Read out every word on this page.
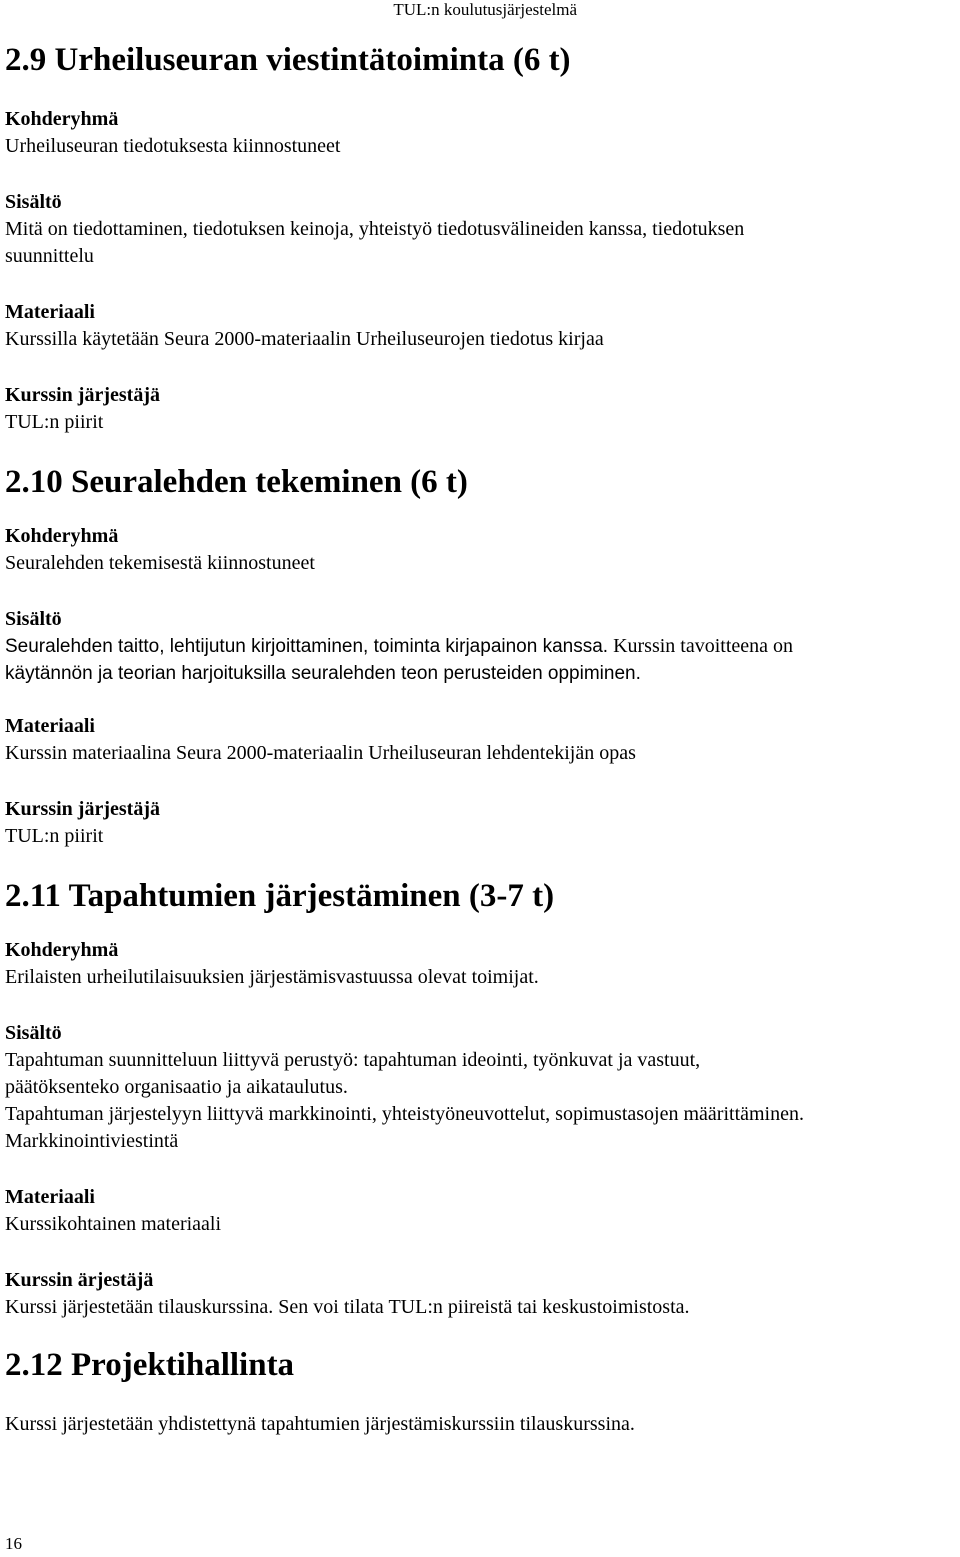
TUL:n koulutusjärjestelmä
2.9 Urheiluseuran viestintätoiminta (6 t)

Kohderyhmä

Urheiluseuran tiedotuksesta kiinnostuneet

Sisältö

Mitä on tiedottaminen, tiedotuksen keinoja, yhteistyö tiedotusvälineiden kanssa, tiedotuksen

suunnittelu

Materiaali

Kurssilla käytetään Seura 2000-materiaalin Urheiluseurojen tiedotus kirjaa

Kurssin järjestäjä

TUL:n piirit

2.10 Seuralehden tekeminen (6 t)

Kohderyhmä

Seuralehden tekemisestä kiinnostuneet

Sisältö

Seuralehden taitto, lehtijutun kirjoittaminen, toiminta kirjapainon kanssa. Kurssin tavoitteena on

käytännön ja teorian harjoituksilla seuralehden teon perusteiden oppiminen.

Materiaali

Kurssin materiaalina Seura 2000-materiaalin Urheiluseuran lehdentekijän opas

Kurssin järjestäjä

TUL:n piirit

2.11 Tapahtumien järjestäminen (3-7 t)

Kohderyhmä

Erilaisten urheilutilaisuuksien järjestämisvastuussa olevat toimijat.

Sisältö

Tapahtuman suunnitteluun liittyvä perustyö: tapahtuman ideointi, työnkuvat ja vastuut,

päätöksenteko organisaatio ja aikataulutus.

Tapahtuman järjestelyyn liittyvä markkinointi, yhteistyöneuvottelut, sopimustasojen määrittäminen.

Markkinointiviestintä

Materiaali

Kurssikohtainen materiaali

Kurssin ärjestäjä

Kurssi järjestetään tilauskurssina. Sen voi tilata TUL:n piireistä tai keskustoimistosta.

2.12 Projektihallinta

Kurssi järjestetään yhdistettynä tapahtumien järjestämiskurssiin tilauskurssina.

16
